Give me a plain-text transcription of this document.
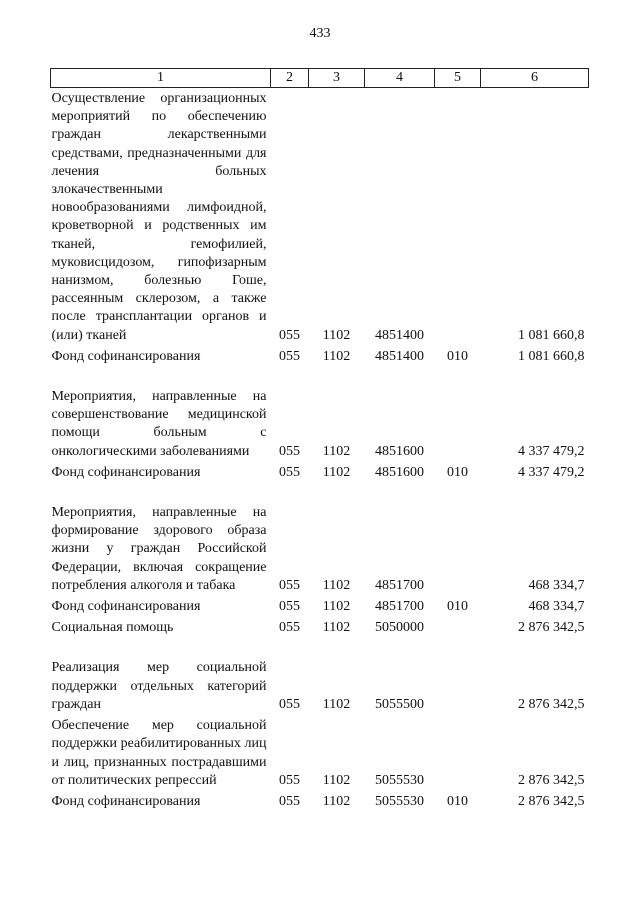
433
1	2	3	4	5	6
Осуществление организационных мероприятий по обеспечению граждан лекарственными средствами, предназначенными для лечения больных злокачественными новообразованиями лимфоидной, кроветворной и родственных им тканей, гемофилией, муковисцидозом, гипофизарным нанизмом, болезнью Гоше, рассеянным склерозом, а также после трансплантации органов и (или) тканей	055	1102	4851400		1 081 660,8
Фонд софинансирования	055	1102	4851400	010	1 081 660,8
Мероприятия, направленные на совершенствование медицинской помощи больным с онкологическими заболеваниями	055	1102	4851600		4 337 479,2
Фонд софинансирования	055	1102	4851600	010	4 337 479,2
Мероприятия, направленные на формирование здорового образа жизни у граждан Российской Федерации, включая сокращение потребления алкоголя и табака	055	1102	4851700		468 334,7
Фонд софинансирования	055	1102	4851700	010	468 334,7
Социальная помощь	055	1102	5050000		2 876 342,5
Реализация мер социальной поддержки отдельных категорий граждан	055	1102	5055500		2 876 342,5
Обеспечение мер социальной поддержки реабилитированных лиц и лиц, признанных пострадавшими от политических репрессий	055	1102	5055530		2 876 342,5
Фонд софинансирования	055	1102	5055530	010	2 876 342,5
